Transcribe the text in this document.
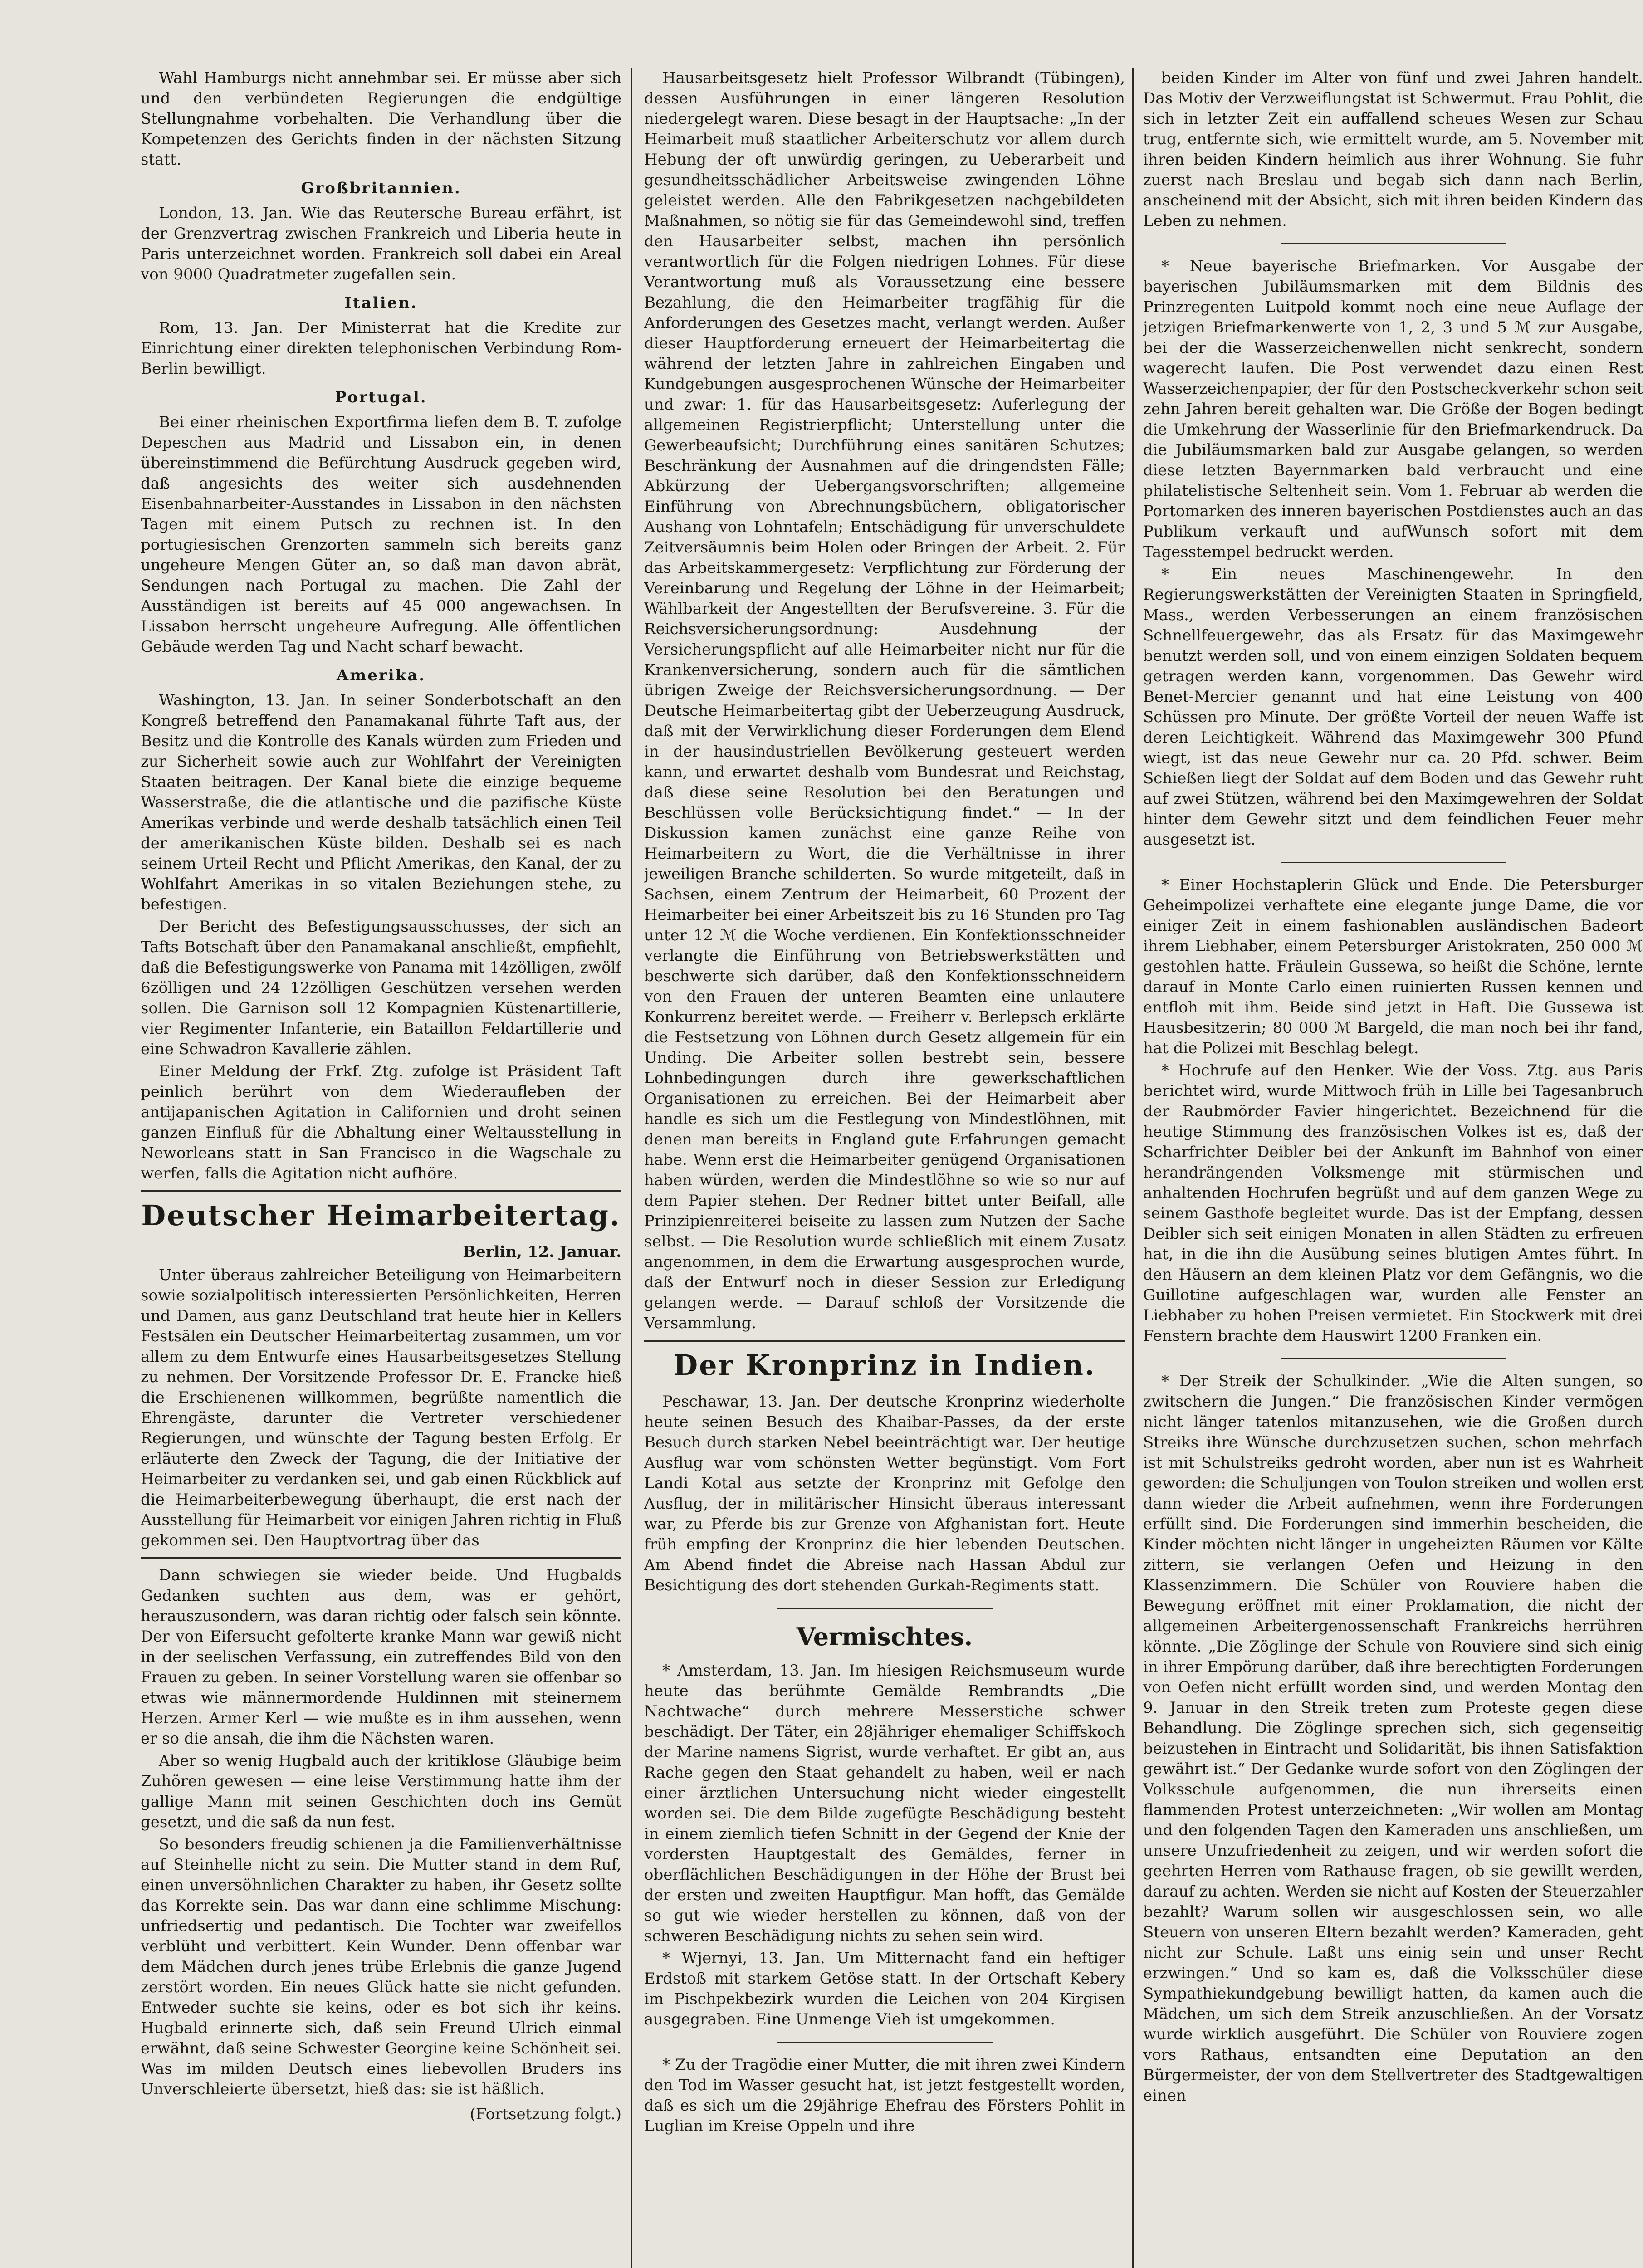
Wahl Hamburgs nicht annehmbar sei. Er müsse aber sich und den verbündeten Regierungen die endgültige Stellungnahme vorbehalten. Die Verhandlung über die Kompetenzen des Gerichts finden in der nächsten Sitzung statt.

Großbritannien.

London, 13. Jan. Wie das Reutersche Bureau erfährt, ist der Grenzvertrag zwischen Frankreich und Liberia heute in Paris unterzeichnet worden. Frankreich soll dabei ein Areal von 9000 Quadratmeter zugefallen sein.

Italien.

Rom, 13. Jan. Der Ministerrat hat die Kredite zur Einrichtung einer direkten telephonischen Verbindung Rom-Berlin bewilligt.

Portugal.

Bei einer rheinischen Exportfirma liefen dem B. T. zufolge Depeschen aus Madrid und Lissabon ein, in denen übereinstimmend die Befürchtung Ausdruck gegeben wird, daß angesichts des weiter sich ausdehnenden Eisenbahnarbeiter-Ausstandes in Lissabon in den nächsten Tagen mit einem Putsch zu rechnen ist. In den portugiesischen Grenzorten sammeln sich bereits ganz ungeheure Mengen Güter an, so daß man davon abrät, Sendungen nach Portugal zu machen. Die Zahl der Ausständigen ist bereits auf 45 000 angewachsen. In Lissabon herrscht ungeheure Aufregung. Alle öffentlichen Gebäude werden Tag und Nacht scharf bewacht.

Amerika.

Washington, 13. Jan. In seiner Sonderbotschaft an den Kongreß betreffend den Panamakanal führte Taft aus, der Besitz und die Kontrolle des Kanals würden zum Frieden und zur Sicherheit sowie auch zur Wohlfahrt der Vereinigten Staaten beitragen. Der Kanal biete die einzige bequeme Wasserstraße, die die atlantische und die pazifische Küste Amerikas verbinde und werde deshalb tatsächlich einen Teil der amerikanischen Küste bilden. Deshalb sei es nach seinem Urteil Recht und Pflicht Amerikas, den Kanal, der zu Wohlfahrt Amerikas in so vitalen Beziehungen stehe, zu befestigen.

Der Bericht des Befestigungsausschusses, der sich an Tafts Botschaft über den Panamakanal anschließt, empfiehlt, daß die Befestigungswerke von Panama mit 14zölligen, zwölf 6zölligen und 24 12zölligen Geschützen versehen werden sollen. Die Garnison soll 12 Kompagnien Küstenartillerie, vier Regimenter Infanterie, ein Bataillon Feldartillerie und eine Schwadron Kavallerie zählen.

Einer Meldung der Frkf. Ztg. zufolge ist Präsident Taft peinlich berührt von dem Wiederaufleben der antijapanischen Agitation in Californien und droht seinen ganzen Einfluß für die Abhaltung einer Weltausstellung in Neworleans statt in San Francisco in die Wagschale zu werfen, falls die Agitation nicht aufhöre.

Deutscher Heimarbeitertag.
Berlin, 12. Januar.

Unter überaus zahlreicher Beteiligung von Heimarbeitern sowie sozialpolitisch interessierten Persönlichkeiten, Herren und Damen, aus ganz Deutschland trat heute hier in Kellers Festsälen ein Deutscher Heimarbeitertag zusammen, um vor allem zu dem Entwurfe eines Hausarbeitsgesetzes Stellung zu nehmen. Der Vorsitzende Professor Dr. E. Francke hieß die Erschienenen willkommen, begrüßte namentlich die Ehrengäste, darunter die Vertreter verschiedener Regierungen, und wünschte der Tagung besten Erfolg. Er erläuterte den Zweck der Tagung, die der Initiative der Heimarbeiter zu verdanken sei, und gab einen Rückblick auf die Heimarbeiterbewegung überhaupt, die erst nach der Ausstellung für Heimarbeit vor einigen Jahren richtig in Fluß gekommen sei. Den Hauptvortrag über das

Dann schwiegen sie wieder beide. Und Hugbalds Gedanken suchten aus dem, was er gehört, herauszusondern, was daran richtig oder falsch sein könnte. Der von Eifersucht gefolterte kranke Mann war gewiß nicht in der seelischen Verfassung, ein zutreffendes Bild von den Frauen zu geben. In seiner Vorstellung waren sie offenbar so etwas wie männermordende Huldinnen mit steinernem Herzen. Armer Kerl — wie mußte es in ihm aussehen, wenn er so die ansah, die ihm die Nächsten waren.

Aber so wenig Hugbald auch der kritiklose Gläubige beim Zuhören gewesen — eine leise Verstimmung hatte ihm der gallige Mann mit seinen Geschichten doch ins Gemüt gesetzt, und die saß da nun fest.

So besonders freudig schienen ja die Familienverhältnisse auf Steinhelle nicht zu sein. Die Mutter stand in dem Ruf, einen unversöhnlichen Charakter zu haben, ihr Gesetz sollte das Korrekte sein. Das war dann eine schlimme Mischung: unfriedsertig und pedantisch. Die Tochter war zweifellos verblüht und verbittert. Kein Wunder. Denn offenbar war dem Mädchen durch jenes trübe Erlebnis die ganze Jugend zerstört worden. Ein neues Glück hatte sie nicht gefunden. Entweder suchte sie keins, oder es bot sich ihr keins. Hugbald erinnerte sich, daß sein Freund Ulrich einmal erwähnt, daß seine Schwester Georgine keine Schönheit sei. Was im milden Deutsch eines liebevollen Bruders ins Unverschleierte übersetzt, hieß das: sie ist häßlich.

(Fortsetzung folgt.)

Hausarbeitsgesetz hielt Professor Wilbrandt (Tübingen), dessen Ausführungen in einer längeren Resolution niedergelegt waren. Diese besagt in der Hauptsache: „In der Heimarbeit muß staatlicher Arbeiterschutz vor allem durch Hebung der oft unwürdig geringen, zu Ueberarbeit und gesundheitsschädlicher Arbeitsweise zwingenden Löhne geleistet werden. Alle den Fabrikgesetzen nachgebildeten Maßnahmen, so nötig sie für das Gemeindewohl sind, treffen den Hausarbeiter selbst, machen ihn persönlich verantwortlich für die Folgen niedrigen Lohnes. Für diese Verantwortung muß als Voraussetzung eine bessere Bezahlung, die den Heimarbeiter tragfähig für die Anforderungen des Gesetzes macht, verlangt werden. Außer dieser Hauptforderung erneuert der Heimarbeitertag die während der letzten Jahre in zahlreichen Eingaben und Kundgebungen ausgesprochenen Wünsche der Heimarbeiter und zwar: 1. für das Hausarbeitsgesetz: Auferlegung der allgemeinen Registrierpflicht; Unterstellung unter die Gewerbeaufsicht; Durchführung eines sanitären Schutzes; Beschränkung der Ausnahmen auf die dringendsten Fälle; Abkürzung der Uebergangsvorschriften; allgemeine Einführung von Abrechnungsbüchern, obligatorischer Aushang von Lohntafeln; Entschädigung für unverschuldete Zeitversäumnis beim Holen oder Bringen der Arbeit. 2. Für das Arbeitskammergesetz: Verpflichtung zur Förderung der Vereinbarung und Regelung der Löhne in der Heimarbeit; Wählbarkeit der Angestellten der Berufsvereine. 3. Für die Reichsversicherungsordnung: Ausdehnung der Versicherungspflicht auf alle Heimarbeiter nicht nur für die Krankenversicherung, sondern auch für die sämtlichen übrigen Zweige der Reichsversicherungsordnung. — Der Deutsche Heimarbeitertag gibt der Ueberzeugung Ausdruck, daß mit der Verwirklichung dieser Forderungen dem Elend in der hausindustriellen Bevölkerung gesteuert werden kann, und erwartet deshalb vom Bundesrat und Reichstag, daß diese seine Resolution bei den Beratungen und Beschlüssen volle Berücksichtigung findet.“ — In der Diskussion kamen zunächst eine ganze Reihe von Heimarbeitern zu Wort, die die Verhältnisse in ihrer jeweiligen Branche schilderten. So wurde mitgeteilt, daß in Sachsen, einem Zentrum der Heimarbeit, 60 Prozent der Heimarbeiter bei einer Arbeitszeit bis zu 16 Stunden pro Tag unter 12 ℳ die Woche verdienen. Ein Konfektionsschneider verlangte die Einführung von Betriebswerkstätten und beschwerte sich darüber, daß den Konfektionsschneidern von den Frauen der unteren Beamten eine unlautere Konkurrenz bereitet werde. — Freiherr v. Berlepsch erklärte die Festsetzung von Löhnen durch Gesetz allgemein für ein Unding. Die Arbeiter sollen bestrebt sein, bessere Lohnbedingungen durch ihre gewerkschaftlichen Organisationen zu erreichen. Bei der Heimarbeit aber handle es sich um die Festlegung von Mindestlöhnen, mit denen man bereits in England gute Erfahrungen gemacht habe. Wenn erst die Heimarbeiter genügend Organisationen haben würden, werden die Mindestlöhne so wie so nur auf dem Papier stehen. Der Redner bittet unter Beifall, alle Prinzipienreiterei beiseite zu lassen zum Nutzen der Sache selbst. — Die Resolution wurde schließlich mit einem Zusatz angenommen, in dem die Erwartung ausgesprochen wurde, daß der Entwurf noch in dieser Session zur Erledigung gelangen werde. — Darauf schloß der Vorsitzende die Versammlung.

Der Kronprinz in Indien.

Peschawar, 13. Jan. Der deutsche Kronprinz wiederholte heute seinen Besuch des Khaibar-Passes, da der erste Besuch durch starken Nebel beeinträchtigt war. Der heutige Ausflug war vom schönsten Wetter begünstigt. Vom Fort Landi Kotal aus setzte der Kronprinz mit Gefolge den Ausflug, der in militärischer Hinsicht überaus interessant war, zu Pferde bis zur Grenze von Afghanistan fort. Heute früh empfing der Kronprinz die hier lebenden Deutschen. Am Abend findet die Abreise nach Hassan Abdul zur Besichtigung des dort stehenden Gurkah-Regiments statt.

Vermischtes.

* Amsterdam, 13. Jan. Im hiesigen Reichsmuseum wurde heute das berühmte Gemälde Rembrandts „Die Nachtwache“ durch mehrere Messerstiche schwer beschädigt. Der Täter, ein 28jähriger ehemaliger Schiffskoch der Marine namens Sigrist, wurde verhaftet. Er gibt an, aus Rache gegen den Staat gehandelt zu haben, weil er nach einer ärztlichen Untersuchung nicht wieder eingestellt worden sei. Die dem Bilde zugefügte Beschädigung besteht in einem ziemlich tiefen Schnitt in der Gegend der Knie der vordersten Hauptgestalt des Gemäldes, ferner in oberflächlichen Beschädigungen in der Höhe der Brust bei der ersten und zweiten Hauptfigur. Man hofft, das Gemälde so gut wie wieder herstellen zu können, daß von der schweren Beschädigung nichts zu sehen sein wird.

* Wjernyi, 13. Jan. Um Mitternacht fand ein heftiger Erdstoß mit starkem Getöse statt. In der Ortschaft Kebery im Pischpekbezirk wurden die Leichen von 204 Kirgisen ausgegraben. Eine Unmenge Vieh ist umgekommen.

* Zu der Tragödie einer Mutter, die mit ihren zwei Kindern den Tod im Wasser gesucht hat, ist jetzt festgestellt worden, daß es sich um die 29jährige Ehefrau des Försters Pohlit in Luglian im Kreise Oppeln und ihre

beiden Kinder im Alter von fünf und zwei Jahren handelt. Das Motiv der Verzweiflungstat ist Schwermut. Frau Pohlit, die sich in letzter Zeit ein auffallend scheues Wesen zur Schau trug, entfernte sich, wie ermittelt wurde, am 5. November mit ihren beiden Kindern heimlich aus ihrer Wohnung. Sie fuhr zuerst nach Breslau und begab sich dann nach Berlin, anscheinend mit der Absicht, sich mit ihren beiden Kindern das Leben zu nehmen.

* Neue bayerische Briefmarken. Vor Ausgabe der bayerischen Jubiläumsmarken mit dem Bildnis des Prinzregenten Luitpold kommt noch eine neue Auflage der jetzigen Briefmarkenwerte von 1, 2, 3 und 5 ℳ zur Ausgabe, bei der die Wasserzeichenwellen nicht senkrecht, sondern wagerecht laufen. Die Post verwendet dazu einen Rest Wasserzeichenpapier, der für den Postscheckverkehr schon seit zehn Jahren bereit gehalten war. Die Größe der Bogen bedingt die Umkehrung der Wasserlinie für den Briefmarkendruck. Da die Jubiläumsmarken bald zur Ausgabe gelangen, so werden diese letzten Bayernmarken bald verbraucht und eine philatelistische Seltenheit sein. Vom 1. Februar ab werden die Portomarken des inneren bayerischen Postdienstes auch an das Publikum verkauft und aufWunsch sofort mit dem Tagesstempel bedruckt werden.

* Ein neues Maschinengewehr. In den Regierungswerkstätten der Vereinigten Staaten in Springfield, Mass., werden Verbesserungen an einem französischen Schnellfeuergewehr, das als Ersatz für das Maximgewehr benutzt werden soll, und von einem einzigen Soldaten bequem getragen werden kann, vorgenommen. Das Gewehr wird Benet-Mercier genannt und hat eine Leistung von 400 Schüssen pro Minute. Der größte Vorteil der neuen Waffe ist deren Leichtigkeit. Während das Maximgewehr 300 Pfund wiegt, ist das neue Gewehr nur ca. 20 Pfd. schwer. Beim Schießen liegt der Soldat auf dem Boden und das Gewehr ruht auf zwei Stützen, während bei den Maximgewehren der Soldat hinter dem Gewehr sitzt und dem feindlichen Feuer mehr ausgesetzt ist.

* Einer Hochstaplerin Glück und Ende. Die Petersburger Geheimpolizei verhaftete eine elegante junge Dame, die vor einiger Zeit in einem fashionablen ausländischen Badeort ihrem Liebhaber, einem Petersburger Aristokraten, 250 000 ℳ gestohlen hatte. Fräulein Gussewa, so heißt die Schöne, lernte darauf in Monte Carlo einen ruinierten Russen kennen und entfloh mit ihm. Beide sind jetzt in Haft. Die Gussewa ist Hausbesitzerin; 80 000 ℳ Bargeld, die man noch bei ihr fand, hat die Polizei mit Beschlag belegt.

* Hochrufe auf den Henker. Wie der Voss. Ztg. aus Paris berichtet wird, wurde Mittwoch früh in Lille bei Tagesanbruch der Raubmörder Favier hingerichtet. Bezeichnend für die heutige Stimmung des französischen Volkes ist es, daß der Scharfrichter Deibler bei der Ankunft im Bahnhof von einer herandrängenden Volksmenge mit stürmischen und anhaltenden Hochrufen begrüßt und auf dem ganzen Wege zu seinem Gasthofe begleitet wurde. Das ist der Empfang, dessen Deibler sich seit einigen Monaten in allen Städten zu erfreuen hat, in die ihn die Ausübung seines blutigen Amtes führt. In den Häusern an dem kleinen Platz vor dem Gefängnis, wo die Guillotine aufgeschlagen war, wurden alle Fenster an Liebhaber zu hohen Preisen vermietet. Ein Stockwerk mit drei Fenstern brachte dem Hauswirt 1200 Franken ein.

* Der Streik der Schulkinder. „Wie die Alten sungen, so zwitschern die Jungen.“ Die französischen Kinder vermögen nicht länger tatenlos mitanzusehen, wie die Großen durch Streiks ihre Wünsche durchzusetzen suchen, schon mehrfach ist mit Schulstreiks gedroht worden, aber nun ist es Wahrheit geworden: die Schuljungen von Toulon streiken und wollen erst dann wieder die Arbeit aufnehmen, wenn ihre Forderungen erfüllt sind. Die Forderungen sind immerhin bescheiden, die Kinder möchten nicht länger in ungeheizten Räumen vor Kälte zittern, sie verlangen Oefen und Heizung in den Klassenzimmern. Die Schüler von Rouviere haben die Bewegung eröffnet mit einer Proklamation, die nicht der allgemeinen Arbeitergenossenschaft Frankreichs herrühren könnte. „Die Zöglinge der Schule von Rouviere sind sich einig in ihrer Empörung darüber, daß ihre berechtigten Forderungen von Oefen nicht erfüllt worden sind, und werden Montag den 9. Januar in den Streik treten zum Proteste gegen diese Behandlung. Die Zöglinge sprechen sich, sich gegenseitig beizustehen in Eintracht und Solidarität, bis ihnen Satisfaktion gewährt ist.“ Der Gedanke wurde sofort von den Zöglingen der Volksschule aufgenommen, die nun ihrerseits einen flammenden Protest unterzeichneten: „Wir wollen am Montag und den folgenden Tagen den Kameraden uns anschließen, um unsere Unzufriedenheit zu zeigen, und wir werden sofort die geehrten Herren vom Rathause fragen, ob sie gewillt werden, darauf zu achten. Werden sie nicht auf Kosten der Steuerzahler bezahlt? Warum sollen wir ausgeschlossen sein, wo alle Steuern von unseren Eltern bezahlt werden? Kameraden, geht nicht zur Schule. Laßt uns einig sein und unser Recht erzwingen.“ Und so kam es, daß die Volksschüler diese Sympathiekundgebung bewilligt hatten, da kamen auch die Mädchen, um sich dem Streik anzuschließen. An der Vorsatz wurde wirklich ausgeführt. Die Schüler von Rouviere zogen vors Rathaus, entsandten eine Deputation an den Bürgermeister, der von dem Stellvertreter des Stadtgewaltigen einen
